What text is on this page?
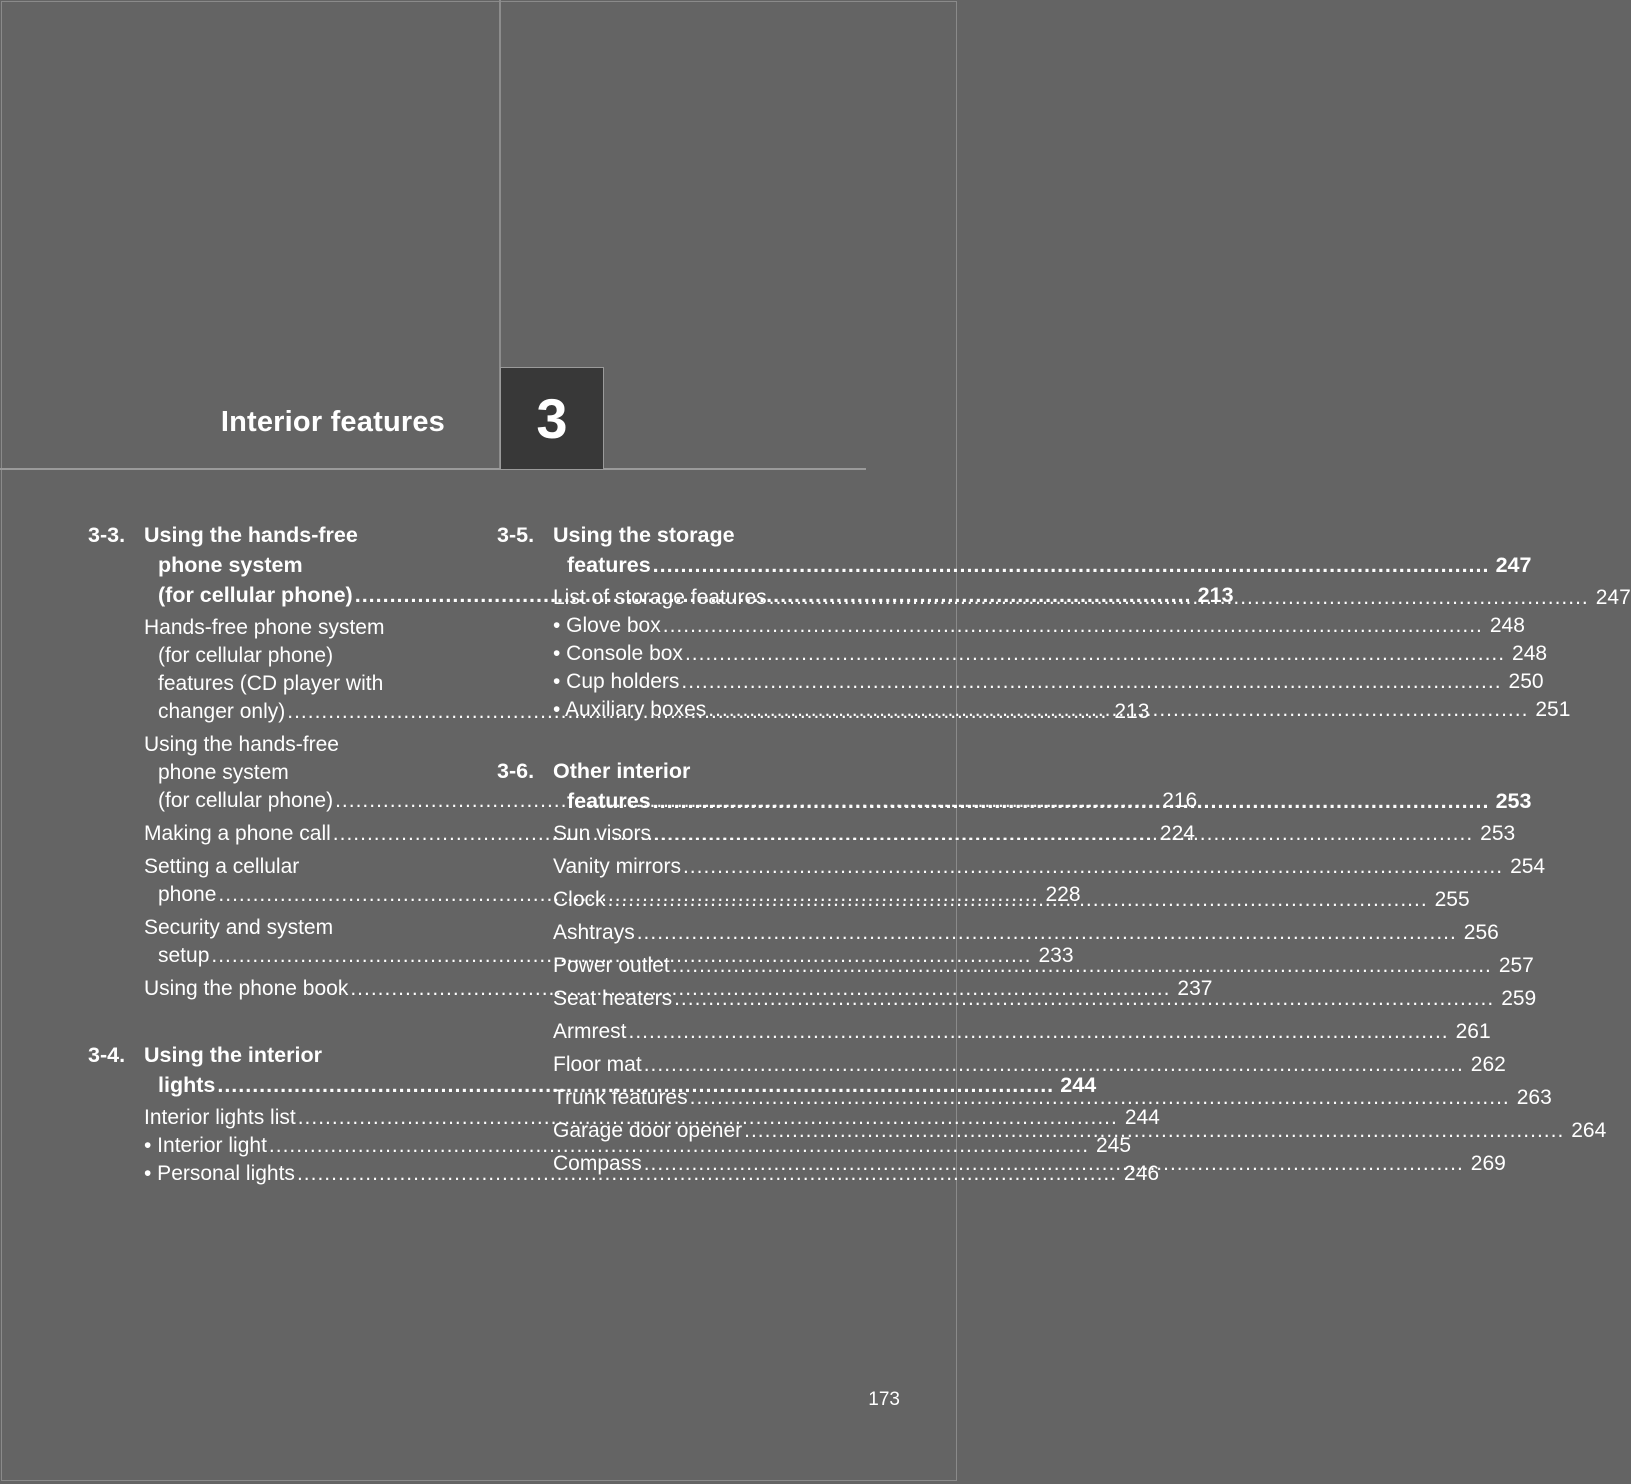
Interior features 3
3-3. Using the hands-free
phone system
(for cellular phone) .....	213
Hands-free phone system
(for cellular phone)
features (CD player with
changer only) .....	213
Using the hands-free
phone system
(for cellular phone) .....	216
Making a phone call .....	224
Setting a cellular
phone .....	228
Security and system
setup .....	233
Using the phone book .....	237
3-4. Using the interior
lights .....	244
Interior lights list .....	244
• Interior light .....	245
• Personal lights .....	246
3-5. Using the storage
features .....	247
List of storage features .....	247
• Glove box .....	248
• Console box .....	248
• Cup holders .....	250
• Auxiliary boxes .....	251
3-6. Other interior
features .....	253
Sun visors .....	253
Vanity mirrors .....	254
Clock .....	255
Ashtrays .....	256
Power outlet .....	257
Seat heaters .....	259
Armrest .....	261
Floor mat .....	262
Trunk features .....	263
Garage door opener .....	264
Compass .....	269
173
